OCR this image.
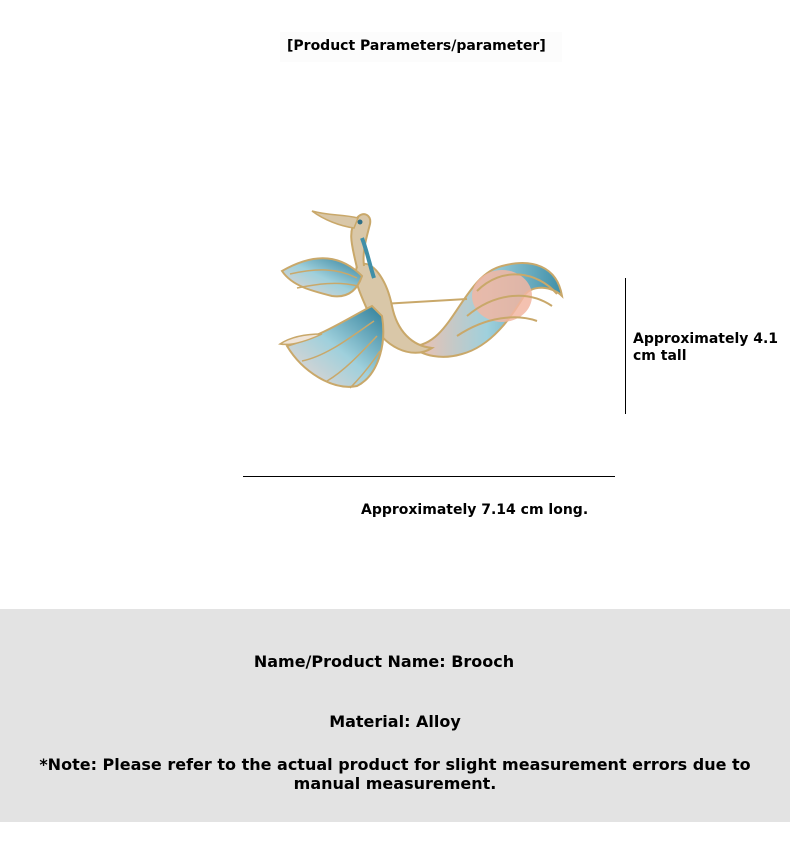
[Product Parameters/parameter]
Approximately 4.1 cm tall
Approximately 7.14 cm long.
Name/Product Name: Brooch
Material: Alloy
*Note: Please refer to the actual product for slight measurement errors due to manual measurement.
